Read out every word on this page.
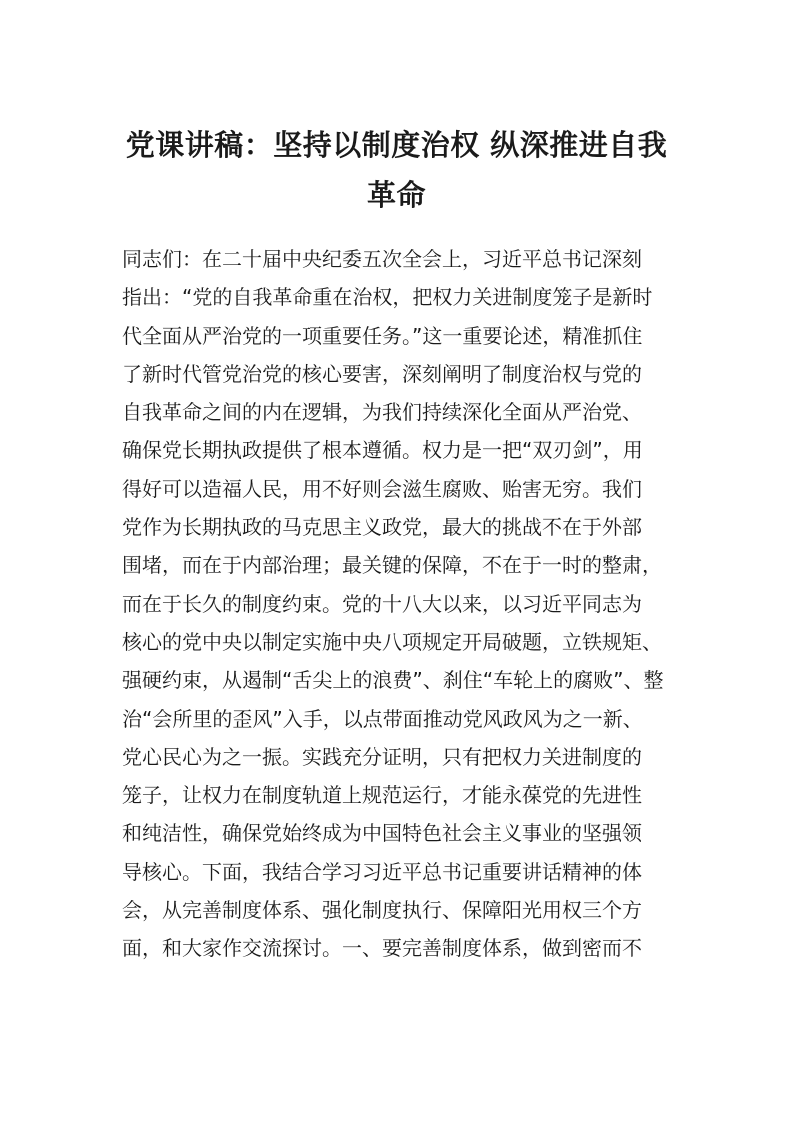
党课讲稿：坚持以制度治权 纵深推进自我
革命
同志们：在二十届中央纪委五次全会上，习近平总书记深刻
指出：“党的自我革命重在治权，把权力关进制度笼子是新时
代全面从严治党的一项重要任务。”这一重要论述，精准抓住
了新时代管党治党的核心要害，深刻阐明了制度治权与党的
自我革命之间的内在逻辑，为我们持续深化全面从严治党、
确保党长期执政提供了根本遵循。权力是一把“双刃剑”，用
得好可以造福人民，用不好则会滋生腐败、贻害无穷。我们
党作为长期执政的马克思主义政党，最大的挑战不在于外部
围堵，而在于内部治理；最关键的保障，不在于一时的整肃，
而在于长久的制度约束。党的十八大以来，以习近平同志为
核心的党中央以制定实施中央八项规定开局破题，立铁规矩、
强硬约束，从遏制“舌尖上的浪费”、刹住“车轮上的腐败”、整
治“会所里的歪风”入手，以点带面推动党风政风为之一新、
党心民心为之一振。实践充分证明，只有把权力关进制度的
笼子，让权力在制度轨道上规范运行，才能永葆党的先进性
和纯洁性，确保党始终成为中国特色社会主义事业的坚强领
导核心。下面，我结合学习习近平总书记重要讲话精神的体
会，从完善制度体系、强化制度执行、保障阳光用权三个方
面，和大家作交流探讨。一、要完善制度体系，做到密而不
